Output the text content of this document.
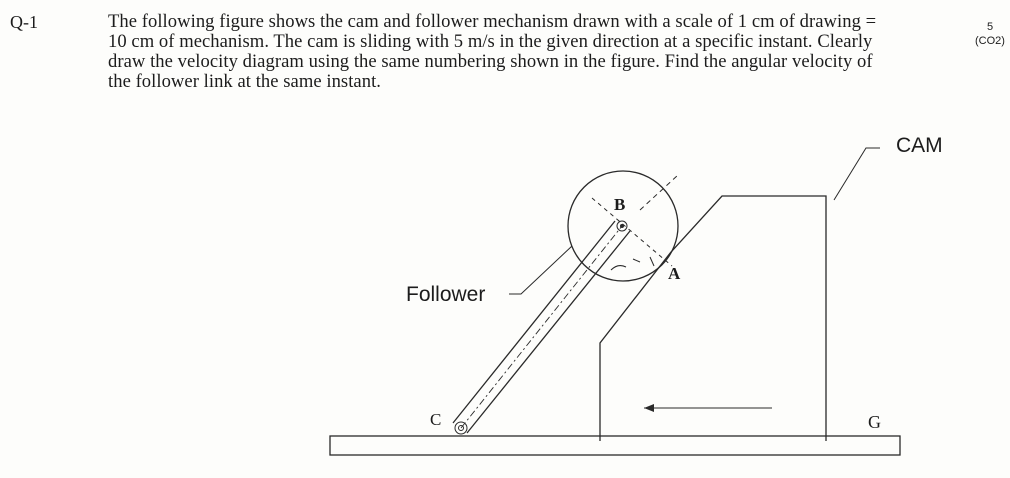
Q-1	The following figure shows the cam and follower mechanism drawn with a scale of 1 cm of drawing =
10 cm of mechanism. The cam is sliding with 5 m/s in the given direction at a specific instant. Clearly
draw the velocity diagram using the same numbering shown in the figure. Find the angular velocity of
the follower link at the same instant.
5
(CO2)
CAM
Follower
A
B
C	G
